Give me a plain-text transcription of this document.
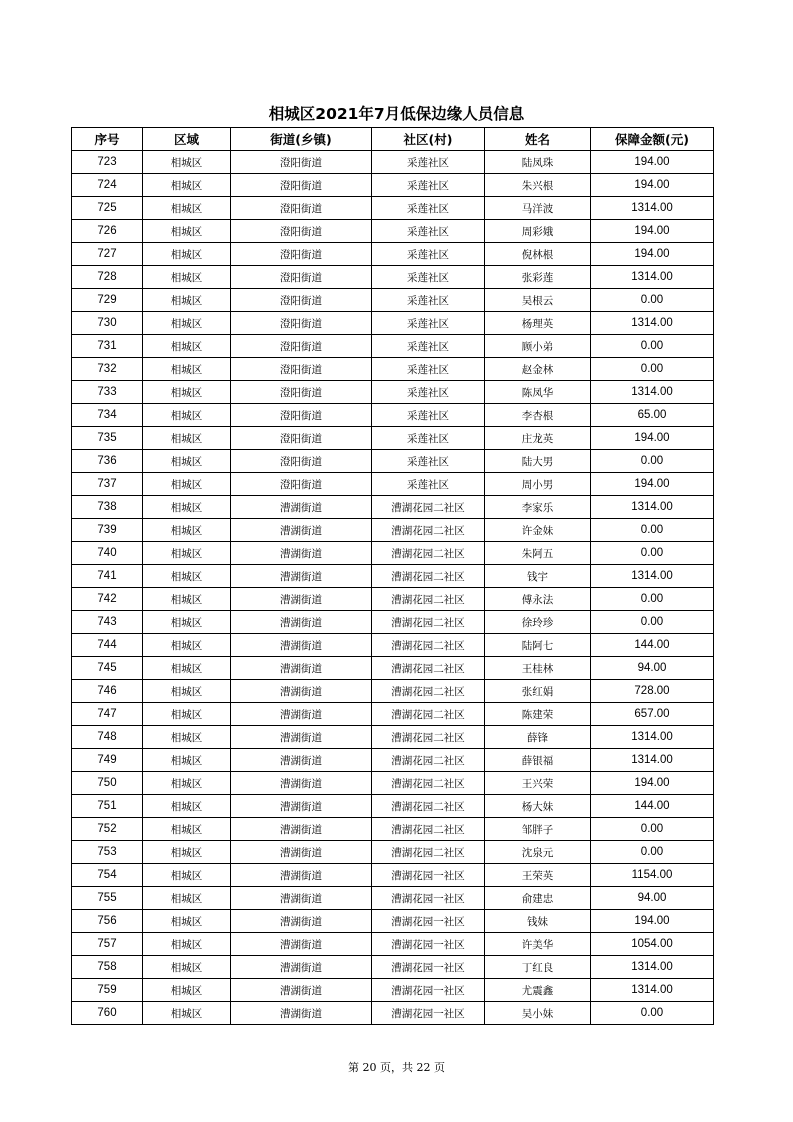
相城区2021年7月低保边缘人员信息
序号	区域	街道(乡镇)	社区(村)	姓名	保障金额(元)
723	相城区	澄阳街道	采莲社区	陆凤珠	194.00
724	相城区	澄阳街道	采莲社区	朱兴根	194.00
725	相城区	澄阳街道	采莲社区	马洋波	1314.00
726	相城区	澄阳街道	采莲社区	周彩娥	194.00
727	相城区	澄阳街道	采莲社区	倪林根	194.00
728	相城区	澄阳街道	采莲社区	张彩莲	1314.00
729	相城区	澄阳街道	采莲社区	吴根云	0.00
730	相城区	澄阳街道	采莲社区	杨理英	1314.00
731	相城区	澄阳街道	采莲社区	顾小弟	0.00
732	相城区	澄阳街道	采莲社区	赵金林	0.00
733	相城区	澄阳街道	采莲社区	陈凤华	1314.00
734	相城区	澄阳街道	采莲社区	李杏根	65.00
735	相城区	澄阳街道	采莲社区	庄龙英	194.00
736	相城区	澄阳街道	采莲社区	陆大男	0.00
737	相城区	澄阳街道	采莲社区	周小男	194.00
738	相城区	漕湖街道	漕湖花园二社区	李家乐	1314.00
739	相城区	漕湖街道	漕湖花园二社区	许金妹	0.00
740	相城区	漕湖街道	漕湖花园二社区	朱阿五	0.00
741	相城区	漕湖街道	漕湖花园二社区	钱宇	1314.00
742	相城区	漕湖街道	漕湖花园二社区	傅永法	0.00
743	相城区	漕湖街道	漕湖花园二社区	徐玲珍	0.00
744	相城区	漕湖街道	漕湖花园二社区	陆阿七	144.00
745	相城区	漕湖街道	漕湖花园二社区	王桂林	94.00
746	相城区	漕湖街道	漕湖花园二社区	张红娟	728.00
747	相城区	漕湖街道	漕湖花园二社区	陈建荣	657.00
748	相城区	漕湖街道	漕湖花园二社区	薛锋	1314.00
749	相城区	漕湖街道	漕湖花园二社区	薛银福	1314.00
750	相城区	漕湖街道	漕湖花园二社区	王兴荣	194.00
751	相城区	漕湖街道	漕湖花园二社区	杨大妹	144.00
752	相城区	漕湖街道	漕湖花园二社区	邹胖子	0.00
753	相城区	漕湖街道	漕湖花园二社区	沈泉元	0.00
754	相城区	漕湖街道	漕湖花园一社区	王荣英	1154.00
755	相城区	漕湖街道	漕湖花园一社区	俞建忠	94.00
756	相城区	漕湖街道	漕湖花园一社区	钱妹	194.00
757	相城区	漕湖街道	漕湖花园一社区	许美华	1054.00
758	相城区	漕湖街道	漕湖花园一社区	丁红良	1314.00
759	相城区	漕湖街道	漕湖花园一社区	尤震鑫	1314.00
760	相城区	漕湖街道	漕湖花园一社区	吴小妹	0.00
第 20 页，共 22 页
